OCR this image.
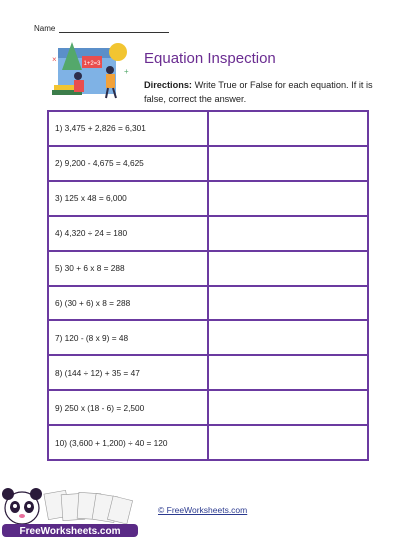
Name
1+2=3
×
+
Equation Inspection
Directions: Write True or False for each equation. If it is false, correct the answer.
1) 3,475 + 2,826 = 6,301
2) 9,200 - 4,675 = 4,625
3) 125 x 48 = 6,000
4) 4,320 ÷ 24 = 180
5) 30 + 6 x 8 = 288
6) (30 + 6) x 8 = 288
7) 120 - (8 x 9) = 48
8) (144 ÷ 12) + 35 = 47
9) 250 x (18 - 6) = 2,500
10) (3,600 + 1,200) ÷ 40 = 120
FreeWorksheets.com
© FreeWorksheets.com
